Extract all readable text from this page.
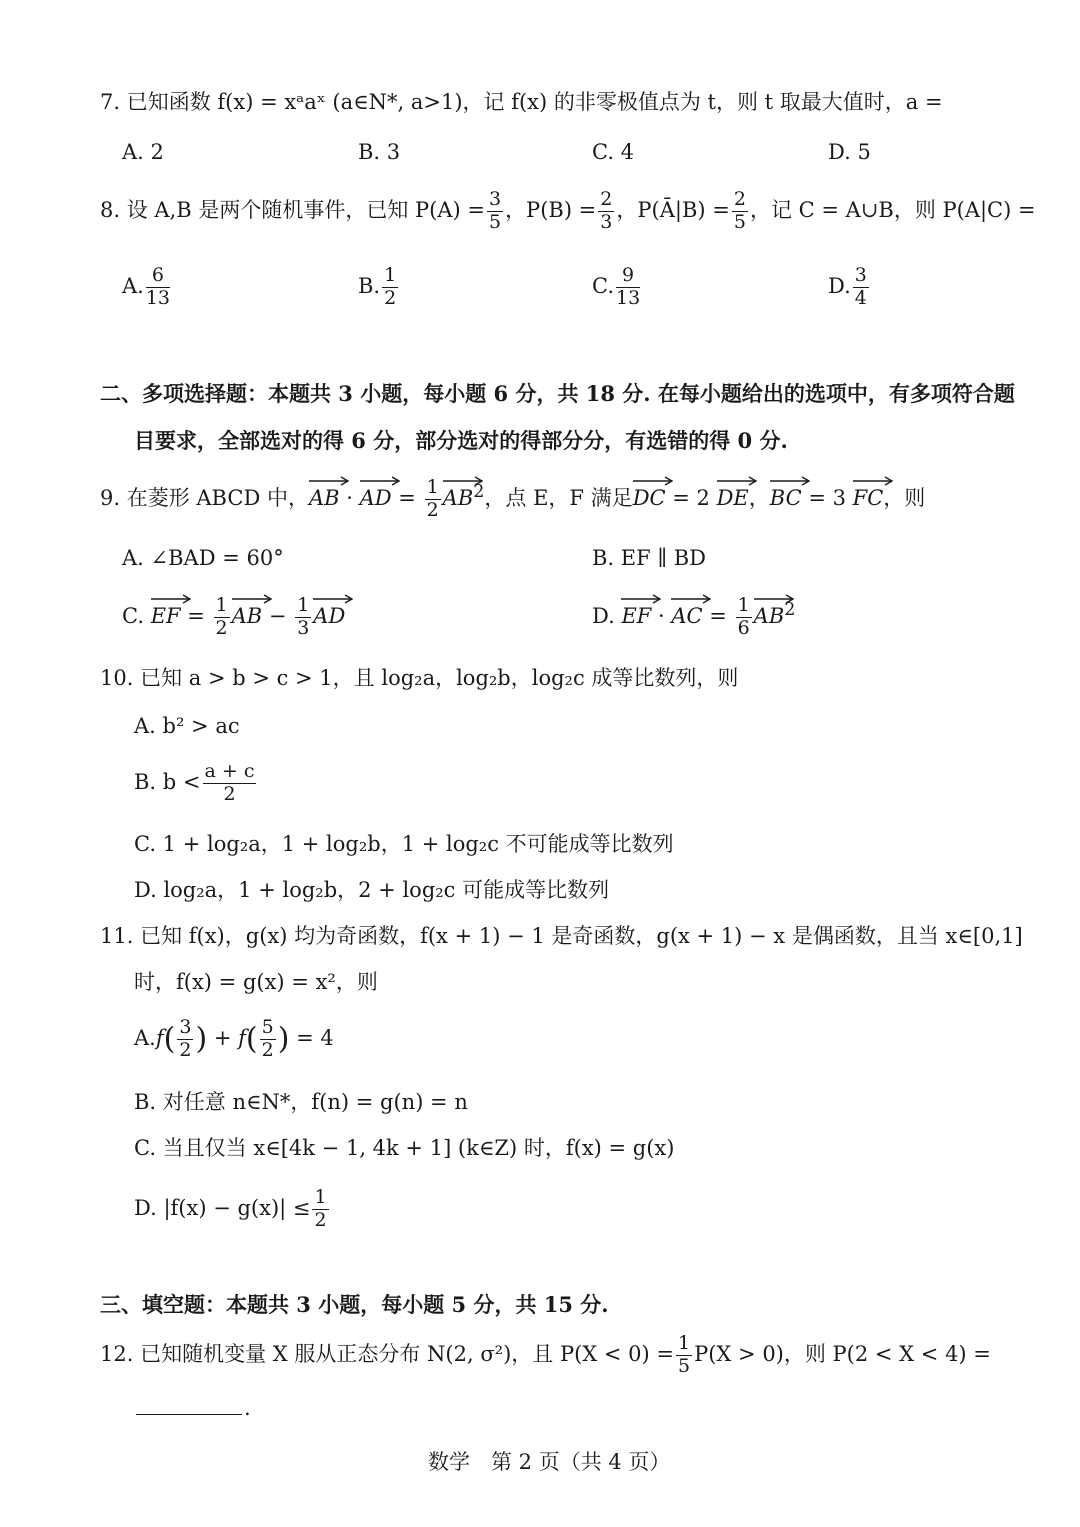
7. 已知函数 f(x) = xᵃaˣ (a∈N*, a>1)，记 f(x) 的非零极值点为 t，则 t 取最大值时，a =
A. 2	B. 3	C. 4	D. 5
8. 设 A,B 是两个随机事件，已知 $P(A) = \frac{3}{5}$ ，$P(B) = \frac{2}{3}$ ，P(Ā|B) = $\frac{2}{5}$ ，记 C = A∪B，则 P(A|C) =
A. $\frac{6}{13}$	B. $\frac{1}{2}$	C. $\frac{9}{13}$	D. $\frac{3}{4}$
二、多项选择题：本题共 3 小题，每小题 6 分，共 18 分. 在每小题给出的选项中，有多项符合题
目要求，全部选对的得 6 分，部分选对的得部分分，有选错的得 0 分.
9. 在菱形 ABCD 中，
AB ·
AD = $\frac{1}{2} AB^2$，点 E，F 满足
DC = 2
DE，
BC = 3
FC，则
A. ∠BAD = 60°	B. EF ∥ BD
C. EF = $\frac{1}{2}$ AB − $\frac{1}{3}$ AD	D. EF ·
AC = $\frac{1}{6} AB^2$
10. 已知 a > b > c > 1，且 log₂a，log₂b，log₂c 成等比数列，则
A. b² > ac
B. $b < \frac{a + c}{2}$
C. 1 + log₂a，1 + log₂b，1 + log₂c 不可能成等比数列
D. log₂a，1 + log₂b，2 + log₂c 可能成等比数列
11. 已知 f(x)，g(x) 均为奇函数，f(x + 1) − 1 是奇函数，g(x + 1) − x 是偶函数，且当 x∈[0,1]
时，f(x) = g(x) = x²，则
$A.f( \frac{3}{2}$ ) + $f( \frac{5}{2}$ ) = 4
B. 对任意 n∈N*，f(n) = g(n) = n
C. 当且仅当 x∈[4k − 1, 4k + 1] (k∈Z) 时，f(x) = g(x)
D. $|f(x) - g(x)| \le \frac{1}{2}$
三、填空题：本题共 3 小题，每小题 5 分，共 15 分.
12. 已知随机变量 X 服从正态分布 N(2, σ²)，且 $P(X < 0) = \frac{1}{5} P(X > 0)$，则 P(2 < X < 4) =
.
数学　第 2 页（共 4 页）
